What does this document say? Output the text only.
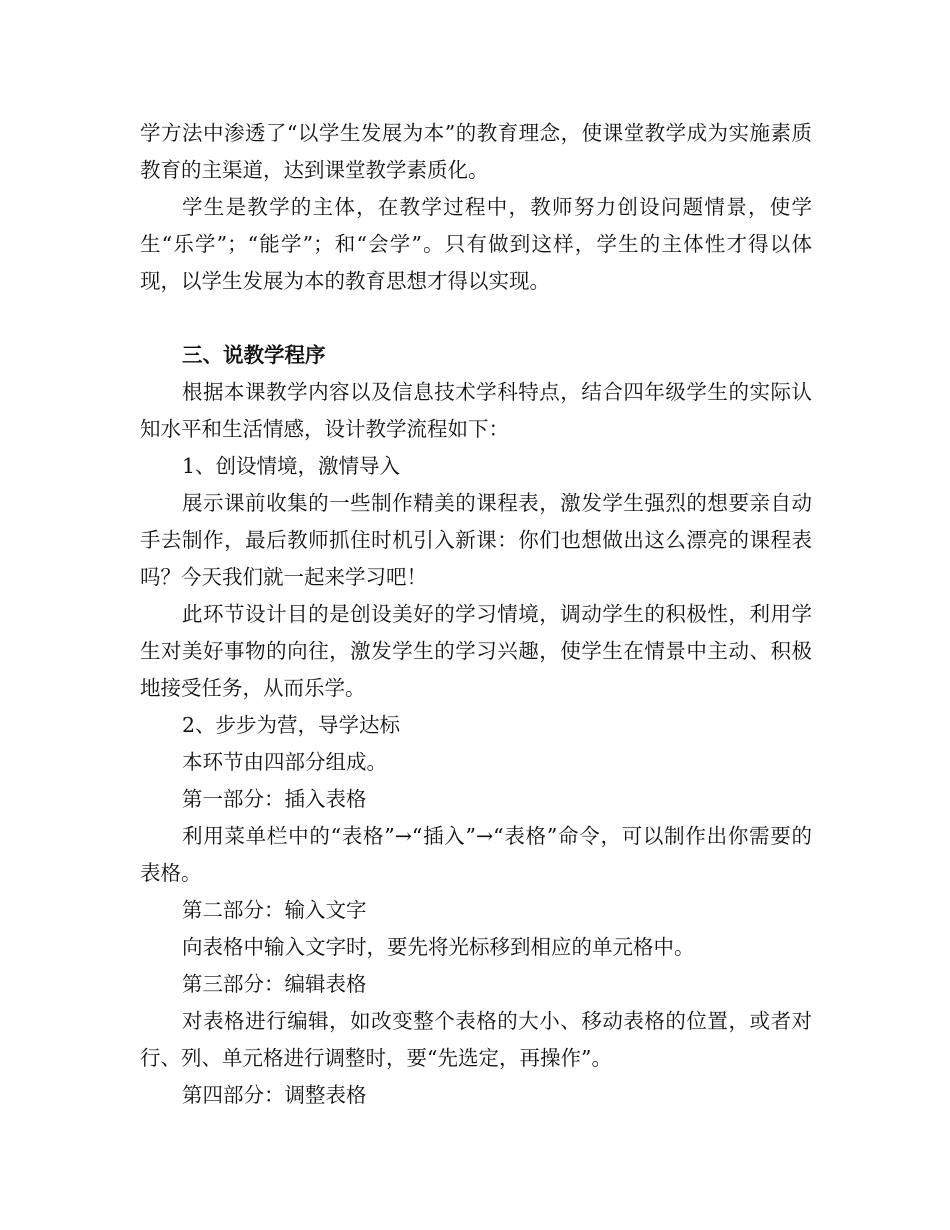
学方法中渗透了“以学生发展为本”的教育理念，使课堂教学成为实施素质教育的主渠道，达到课堂教学素质化。

学生是教学的主体，在教学过程中，教师努力创设问题情景，使学生“乐学”；“能学”；和“会学”。只有做到这样，学生的主体性才得以体现，以学生发展为本的教育思想才得以实现。

三、说教学程序

根据本课教学内容以及信息技术学科特点，结合四年级学生的实际认知水平和生活情感，设计教学流程如下：

1、创设情境，激情导入

展示课前收集的一些制作精美的课程表，激发学生强烈的想要亲自动手去制作，最后教师抓住时机引入新课：你们也想做出这么漂亮的课程表吗？今天我们就一起来学习吧！

此环节设计目的是创设美好的学习情境，调动学生的积极性，利用学生对美好事物的向往，激发学生的学习兴趣，使学生在情景中主动、积极地接受任务，从而乐学。

2、步步为营，导学达标

本环节由四部分组成。

第一部分：插入表格

利用菜单栏中的“表格”→“插入”→“表格”命令，可以制作出你需要的表格。

第二部分：输入文字

向表格中输入文字时，要先将光标移到相应的单元格中。

第三部分：编辑表格

对表格进行编辑，如改变整个表格的大小、移动表格的位置，或者对行、列、单元格进行调整时，要“先选定，再操作”。

第四部分：调整表格
